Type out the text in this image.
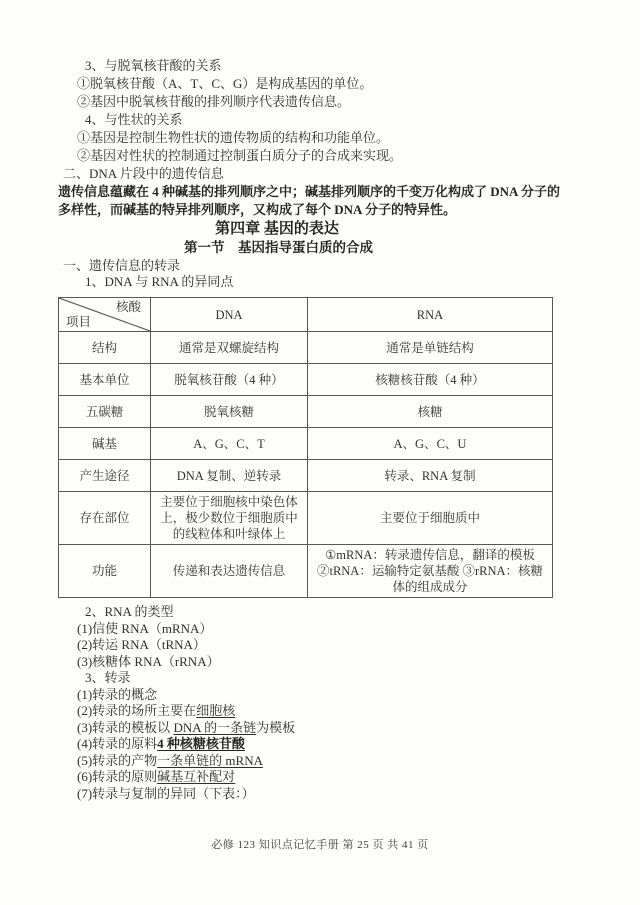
3、与脱氧核苷酸的关系

①脱氧核苷酸（A、T、C、G）是构成基因的单位。

②基因中脱氧核苷酸的排列顺序代表遗传信息。

4、与性状的关系

①基因是控制生物性状的遗传物质的结构和功能单位。

②基因对性状的控制通过控制蛋白质分子的合成来实现。

二、DNA 片段中的遗传信息

遗传信息蕴藏在 4 种碱基的排列顺序之中；碱基排列顺序的千变万化构成了 DNA 分子的

多样性，而碱基的特异排列顺序，又构成了每个 DNA 分子的特异性。

第四章 基因的表达

第一节　基因指导蛋白质的合成

一、遗传信息的转录

1、DNA 与 RNA 的异同点

核酸
项目	DNA	RNA
结构	通常是双螺旋结构	通常是单链结构
基本单位	脱氧核苷酸（4 种）	核糖核苷酸（4 种）
五碳糖	脱氧核糖	核糖
碱基	A、G、C、T	A、G、C、U
产生途径	DNA 复制、逆转录	转录、RNA 复制
存在部位	主要位于细胞核中染色体上，极少数位于细胞质中的线粒体和叶绿体上	主要位于细胞质中
功能	传递和表达遗传信息	①mRNA：转录遗传信息，翻译的模板 ②tRNA：运输特定氨基酸 ③rRNA：核糖体的组成成分

2、RNA 的类型

(1)信使 RNA（mRNA）

(2)转运 RNA（tRNA）

(3)核糖体 RNA（rRNA）

3、转录

(1)转录的概念

(2)转录的场所主要在细胞核

(3)转录的模板以 DNA 的一条链为模板

(4)转录的原料4 种核糖核苷酸

(5)转录的产物一条单链的 mRNA

(6)转录的原则碱基互补配对

(7)转录与复制的异同（下表：）

必修 123 知识点记忆手册 第 25 页 共 41 页
